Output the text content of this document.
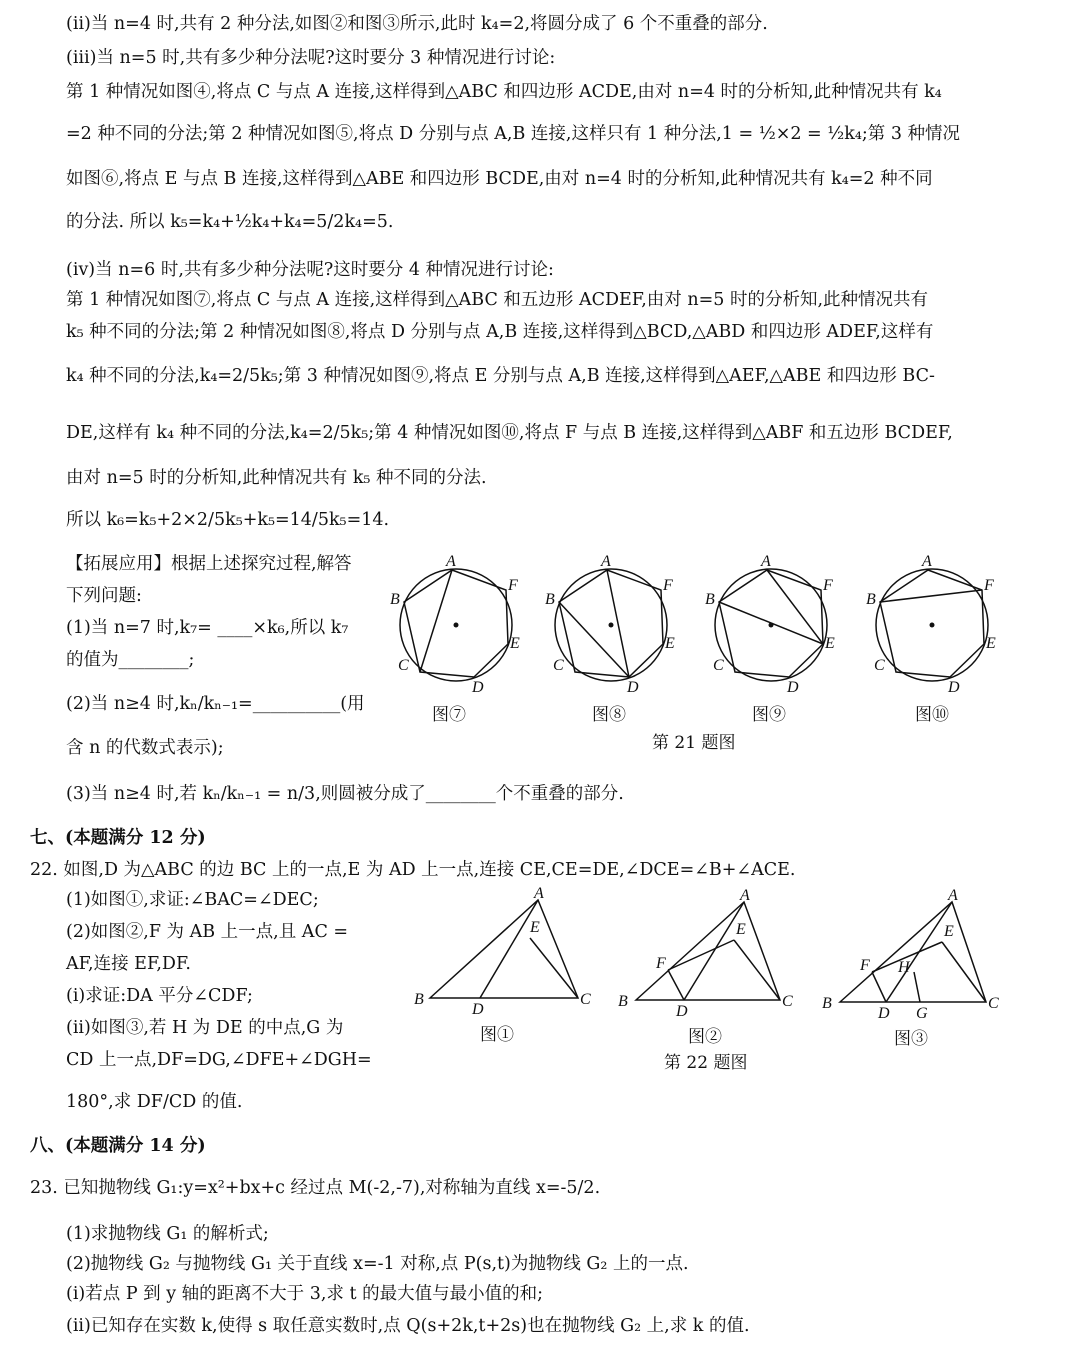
(ⅱ)当 n=4 时,共有 2 种分法,如图②和图③所示,此时 k₄=2,将圆分成了 6 个不重叠的部分.
(ⅲ)当 n=5 时,共有多少种分法呢?这时要分 3 种情况进行讨论:
第 1 种情况如图④,将点 C 与点 A 连接,这样得到△ABC 和四边形 ACDE,由对 n=4 时的分析知,此种情况共有 k₄
=2 种不同的分法;第 2 种情况如图⑤,将点 D 分别与点 A,B 连接,这样只有 1 种分法,1 = ½×2 = ½k₄;第 3 种情况
如图⑥,将点 E 与点 B 连接,这样得到△ABE 和四边形 BCDE,由对 n=4 时的分析知,此种情况共有 k₄=2 种不同
的分法. 所以 k₅=k₄+½k₄+k₄=5/2k₄=5.
(ⅳ)当 n=6 时,共有多少种分法呢?这时要分 4 种情况进行讨论:
第 1 种情况如图⑦,将点 C 与点 A 连接,这样得到△ABC 和五边形 ACDEF,由对 n=5 时的分析知,此种情况共有
k₅ 种不同的分法;第 2 种情况如图⑧,将点 D 分别与点 A,B 连接,这样得到△BCD,△ABD 和四边形 ADEF,这样有
k₄ 种不同的分法,k₄=2/5k₅;第 3 种情况如图⑨,将点 E 分别与点 A,B 连接,这样得到△AEF,△ABE 和四边形 BC-
DE,这样有 k₄ 种不同的分法,k₄=2/5k₅;第 4 种情况如图⑩,将点 F 与点 B 连接,这样得到△ABF 和五边形 BCDEF,
由对 n=5 时的分析知,此种情况共有 k₅ 种不同的分法.
所以 k₆=k₅+2×2/5k₅+k₅=14/5k₅=14.
【拓展应用】根据上述探究过程,解答
下列问题:
(1)当 n=7 时,k₇= ____×k₆,所以 k₇
的值为________;
(2)当 n≥4 时,kₙ/kₙ₋₁=__________(用
含 n 的代数式表示);
(3)当 n≥4 时,若 kₙ/kₙ₋₁ = n/3,则圆被分成了________个不重叠的部分.
A
F
B
E
C
D
图⑦
A
F
B
E
C
D
图⑧
A
F
B
E
C
D
图⑨
A
F
B
E
C
D
图⑩
第 21 题图
七、(本题满分 12 分)
22. 如图,D 为△ABC 的边 BC 上的一点,E 为 AD 上一点,连接 CE,CE=DE,∠DCE=∠B+∠ACE.
(1)如图①,求证:∠BAC=∠DEC;
(2)如图②,F 为 AB 上一点,且 AC =
AF,连接 EF,DF.
(i)求证:DA 平分∠CDF;
(ii)如图③,若 H 为 DE 的中点,G 为
CD 上一点,DF=DG,∠DFE+∠DGH=
180°,求 DF/CD 的值.
A
B	C
D
E
图①
A
B	C
D
E
F
图②
第 22 题图
A
B	C
D
E
F
G
H
图③
八、(本题满分 14 分)
23. 已知抛物线 G₁:y=x²+bx+c 经过点 M(-2,-7),对称轴为直线 x=-5/2.
(1)求抛物线 G₁ 的解析式;
(2)抛物线 G₂ 与抛物线 G₁ 关于直线 x=-1 对称,点 P(s,t)为抛物线 G₂ 上的一点.
(i)若点 P 到 y 轴的距离不大于 3,求 t 的最大值与最小值的和;
(ii)已知存在实数 k,使得 s 取任意实数时,点 Q(s+2k,t+2s)也在抛物线 G₂ 上,求 k 的值.
